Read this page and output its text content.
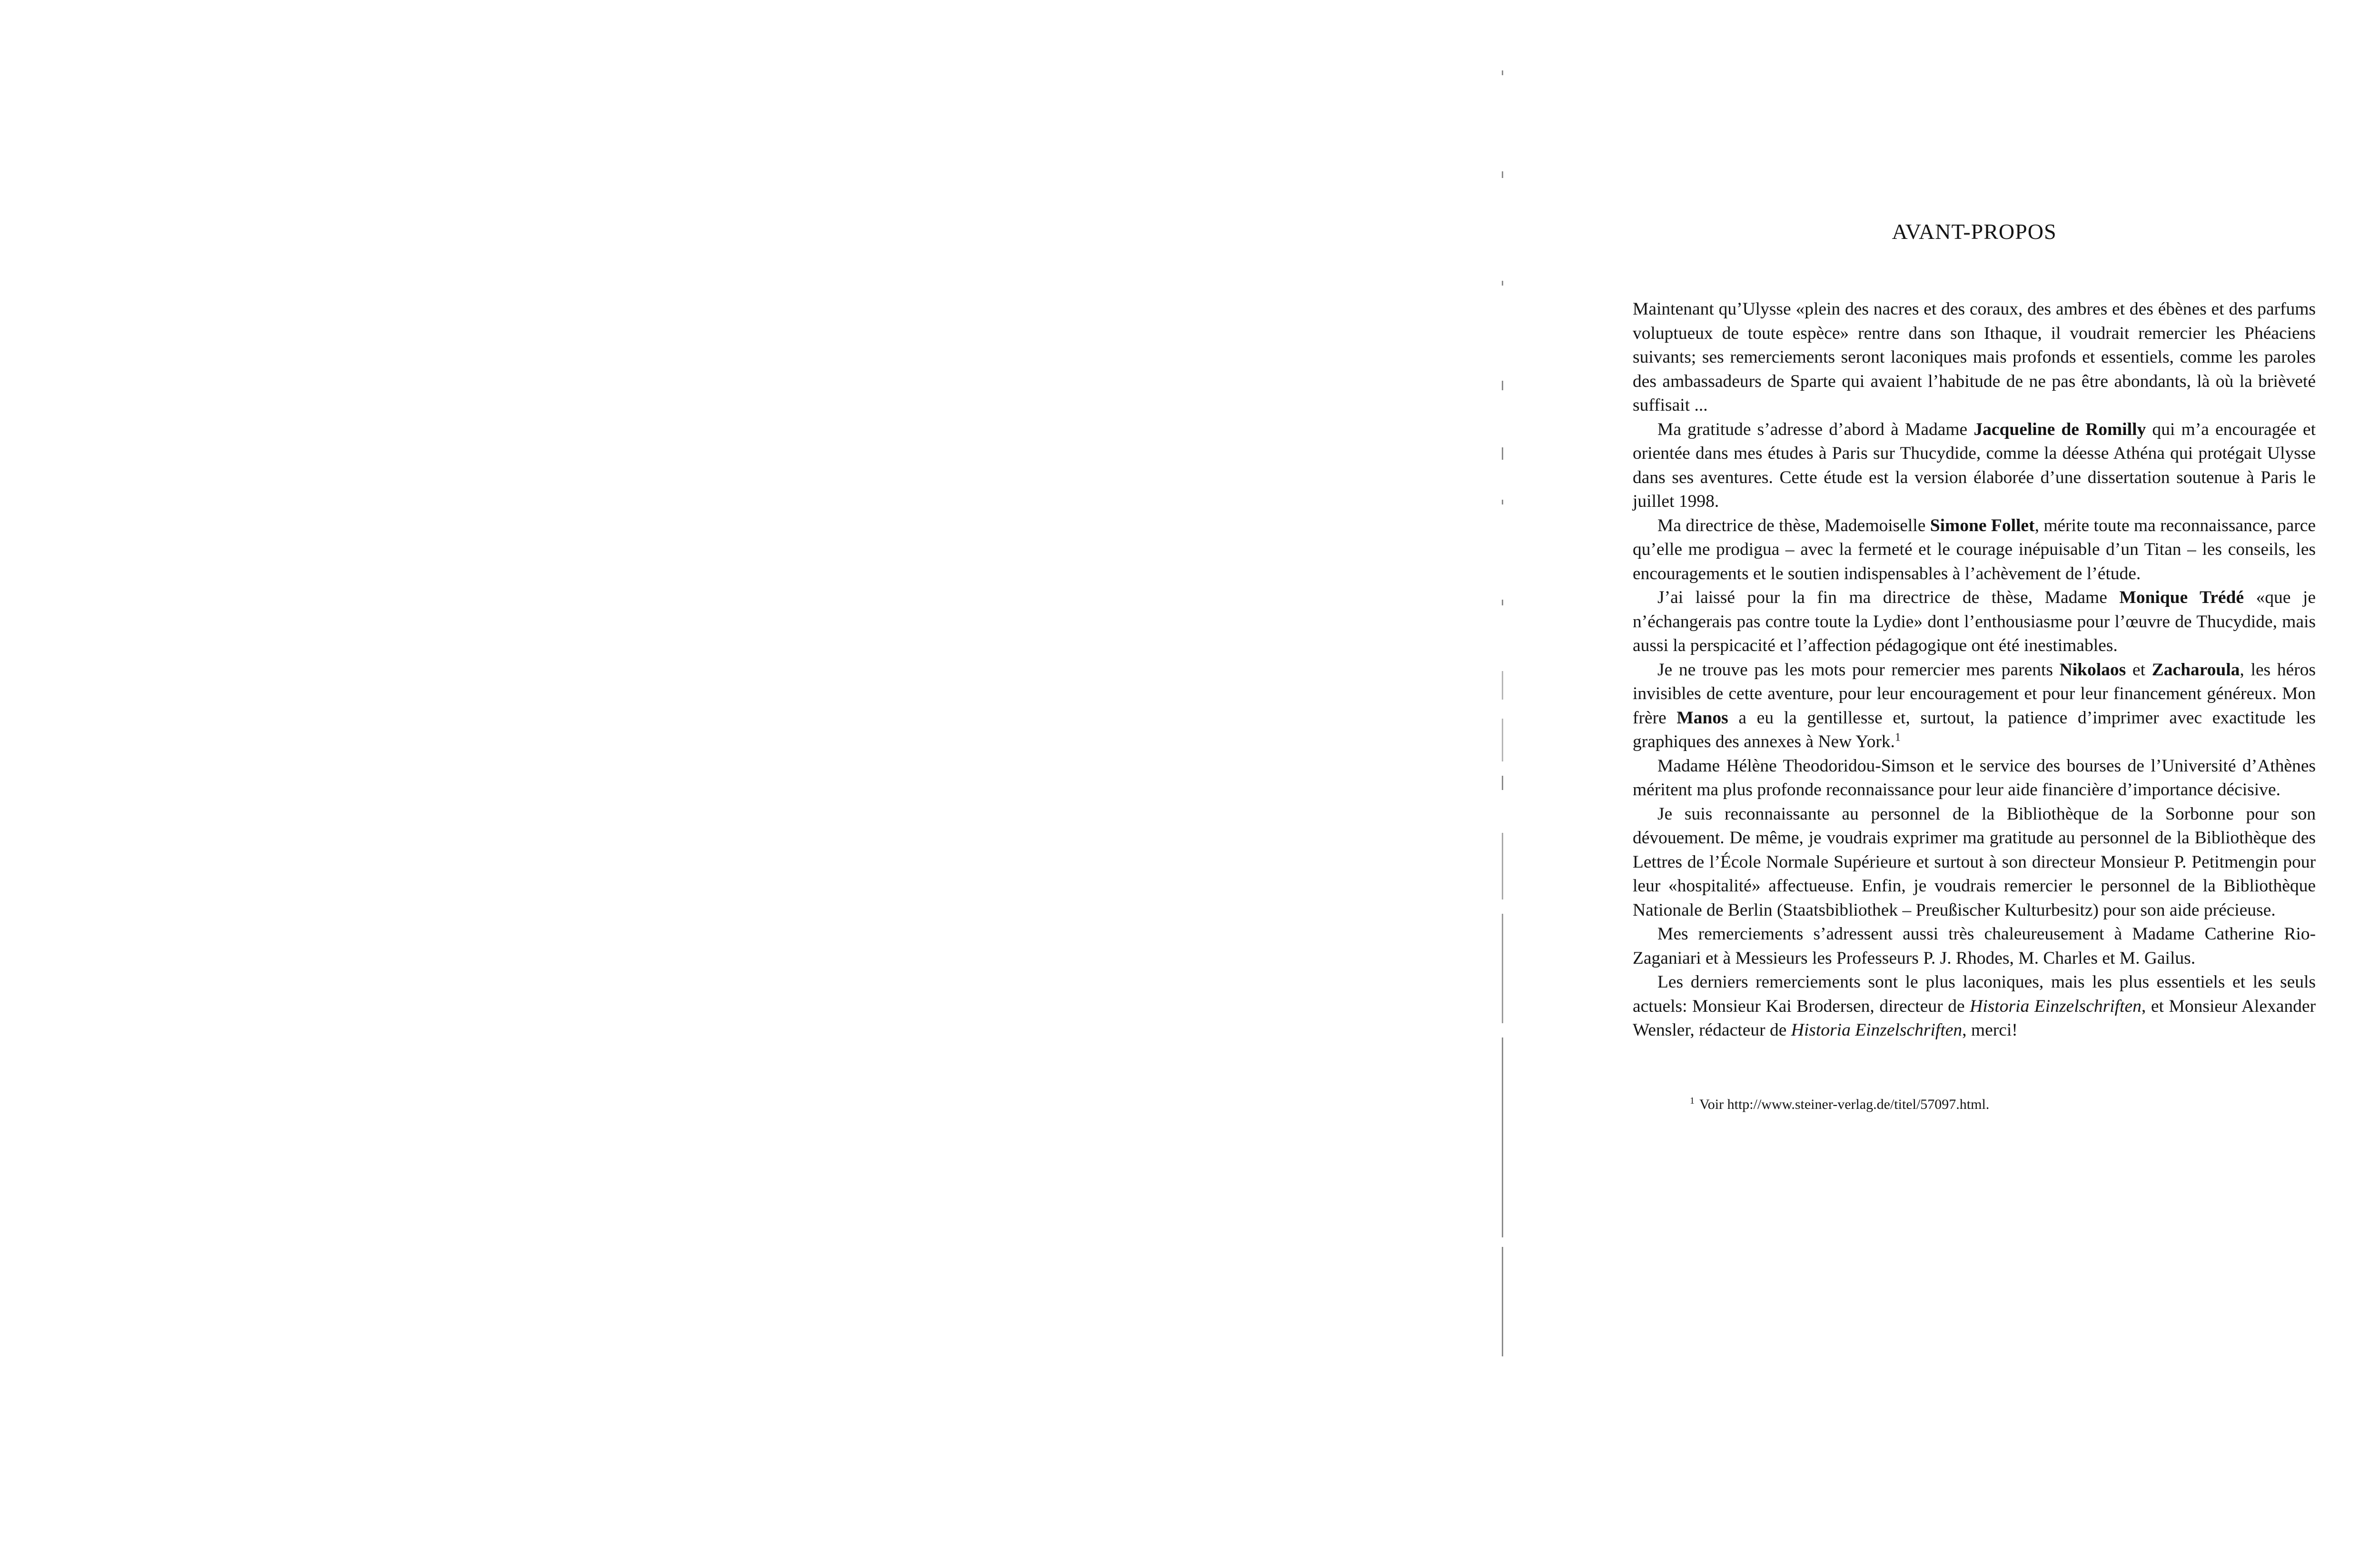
AVANT-PROPOS

Maintenant qu’Ulysse «plein des nacres et des coraux, des ambres et des ébènes et des parfums voluptueux de toute espèce» rentre dans son Ithaque, il voudrait remercier les Phéaciens suivants; ses remerciements seront laconiques mais profonds et essentiels, comme les paroles des ambassadeurs de Sparte qui avaient l’habitude de ne pas être abondants, là où la brièveté suffisait ...

Ma gratitude s’adresse d’abord à Madame Jacqueline de Romilly qui m’a encouragée et orientée dans mes études à Paris sur Thucydide, comme la déesse Athéna qui protégait Ulysse dans ses aventures. Cette étude est la version élaborée d’une dissertation soutenue à Paris le juillet 1998.

Ma directrice de thèse, Mademoiselle Simone Follet, mérite toute ma reconnaissance, parce qu’elle me prodigua – avec la fermeté et le courage inépuisable d’un Titan – les conseils, les encouragements et le soutien indispensables à l’achèvement de l’étude.

J’ai laissé pour la fin ma directrice de thèse, Madame Monique Trédé «que je n’échangerais pas contre toute la Lydie» dont l’enthousiasme pour l’œuvre de Thucydide, mais aussi la perspicacité et l’affection pédagogique ont été inestimables.

Je ne trouve pas les mots pour remercier mes parents Nikolaos et Zacharoula, les héros invisibles de cette aventure, pour leur encouragement et pour leur financement généreux. Mon frère Manos a eu la gentillesse et, surtout, la patience d’imprimer avec exactitude les graphiques des annexes à New York.$^1$

Madame Hélène Theodoridou-Simson et le service des bourses de l’Université d’Athènes méritent ma plus profonde reconnaissance pour leur aide financière d’importance décisive.

Je suis reconnaissante au personnel de la Bibliothèque de la Sorbonne pour son dévouement. De même, je voudrais exprimer ma gratitude au personnel de la Bibliothèque des Lettres de l’École Normale Supérieure et surtout à son directeur Monsieur P. Petitmengin pour leur «hospitalité» affectueuse. Enfin, je voudrais remercier le personnel de la Bibliothèque Nationale de Berlin (Staatsbibliothek – Preußischer Kulturbesitz) pour son aide précieuse.

Mes remerciements s’adressent aussi très chaleureusement à Madame Catherine Rio-Zaganiari et à Messieurs les Professeurs P. J. Rhodes, M. Charles et M. Gailus.

Les derniers remerciements sont le plus laconiques, mais les plus essentiels et les seuls actuels: Monsieur Kai Brodersen, directeur de Historia Einzelschriften, et Monsieur Alexander Wensler, rédacteur de Historia Einzelschriften, merci!

$^1$ Voir http://www.steiner-verlag.de/titel/57097.html.
